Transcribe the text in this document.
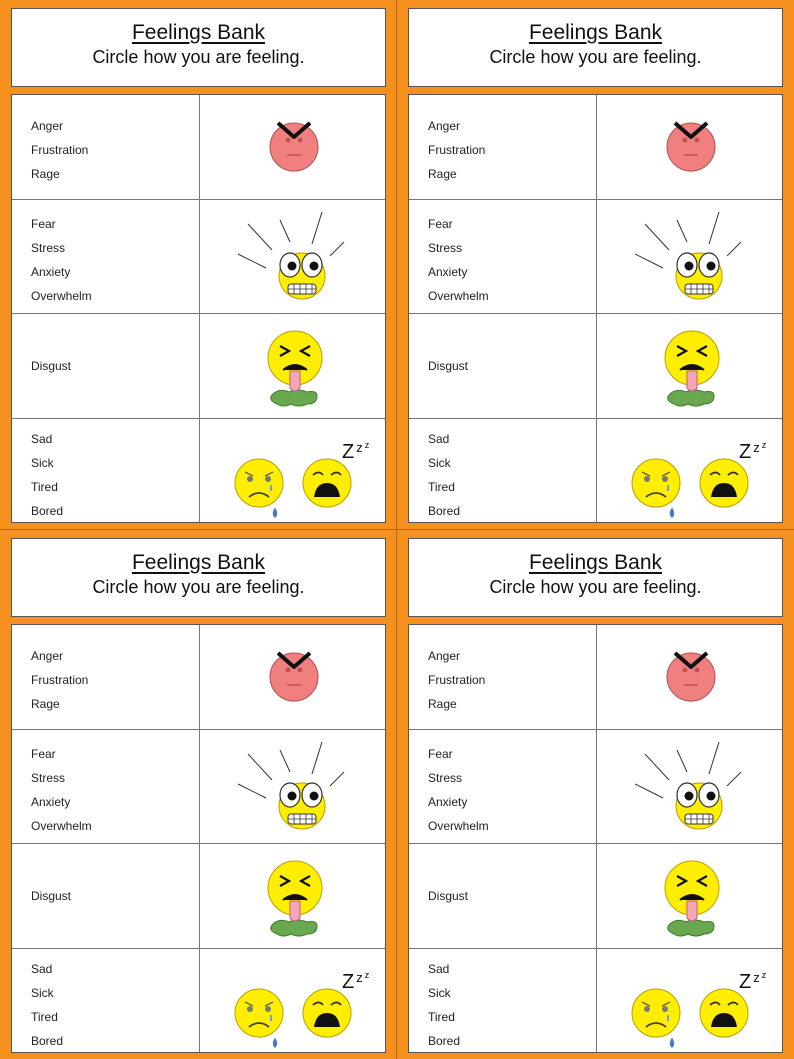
Feelings Bank
Circle how you are feeling.
Anger
Frustration
Rage
Fear
Stress
Anxiety
Overwhelm
Disgust
Sad
Sick
Tired
Bored
Zz z
Feelings Bank
Circle how you are feeling.
Anger
Frustration
Rage
Fear
Stress
Anxiety
Overwhelm
Disgust
Sad
Sick
Tired
Bored
Zz z
Feelings Bank
Circle how you are feeling.
Anger
Frustration
Rage
Fear
Stress
Anxiety
Overwhelm
Disgust
Sad
Sick
Tired
Bored
Zz z
Feelings Bank
Circle how you are feeling.
Anger
Frustration
Rage
Fear
Stress
Anxiety
Overwhelm
Disgust
Sad
Sick
Tired
Bored
Zz z
